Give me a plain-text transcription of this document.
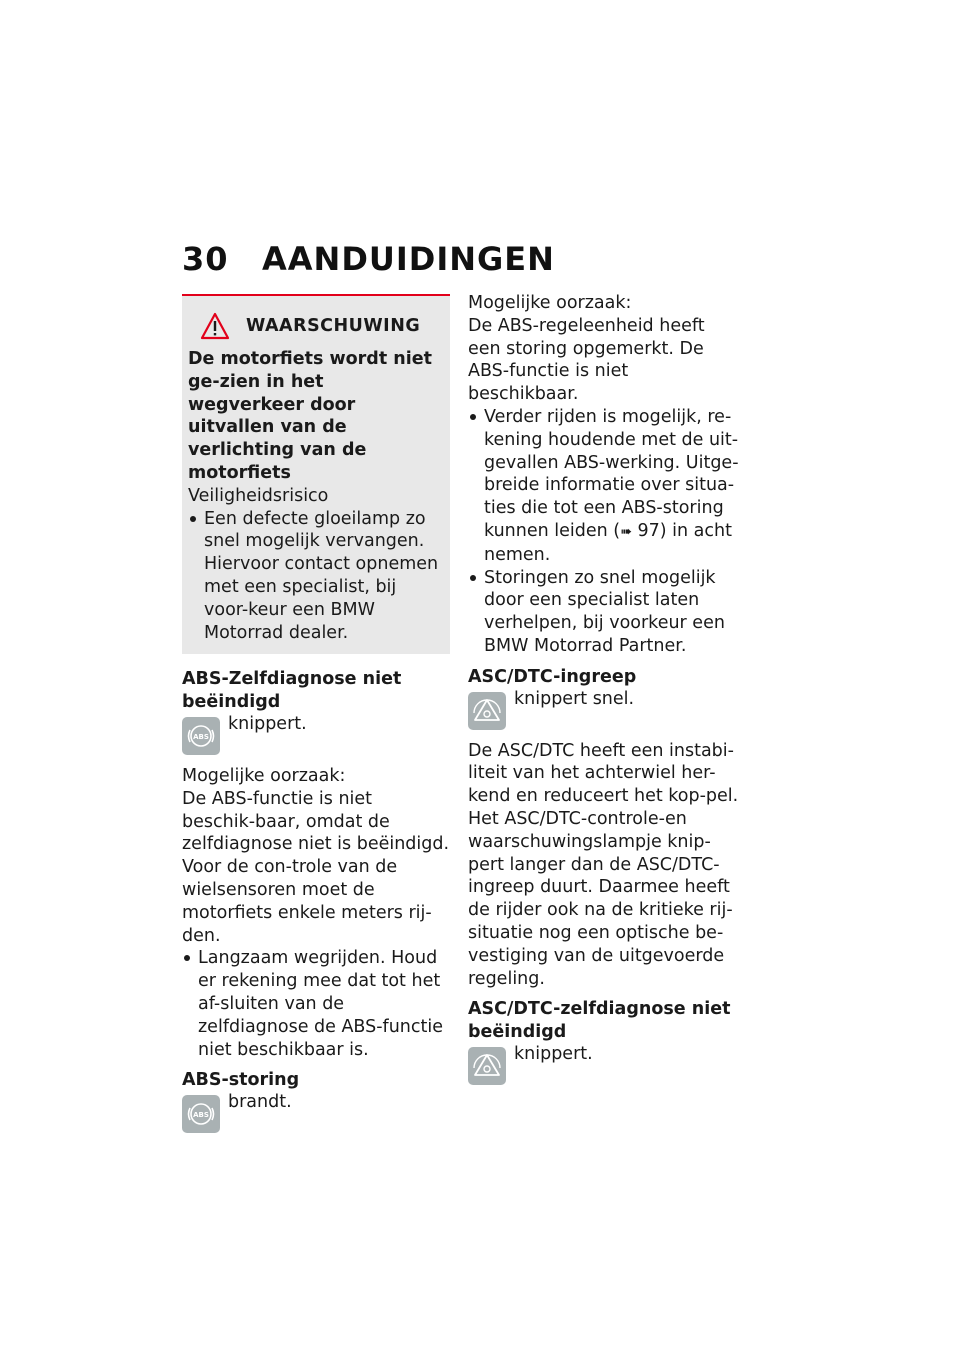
30 AANDUIDINGEN
WAARSCHUWING

De motorfiets wordt niet ge-zien in het wegverkeer door uitvallen van de verlichting van de motorfiets

Veiligheidsrisico

Een defecte gloeilamp zo snel mogelijk vervangen. Hiervoor contact opnemen met een specialist, bij voor-keur een BMW Motorrad dealer.

ABS-Zelfdiagnose niet beëindigd

ABS
knippert.

Mogelijke oorzaak:

De ABS-functie is niet beschik-baar, omdat de zelfdiagnose niet is beëindigd. Voor de con-trole van de wielsensoren moet de motorfiets enkele meters rij-den.

Langzaam wegrijden. Houd er rekening mee dat tot het af-sluiten van de zelfdiagnose de ABS-functie niet beschikbaar is.

ABS-storing

ABS
brandt.

Mogelijke oorzaak:

De ABS-regeleenheid heeft een storing opgemerkt. De ABS-functie is niet beschikbaar.

Verder rijden is mogelijk, re-kening houdende met de uit-gevallen ABS-werking. Uitge-breide informatie over situa-ties die tot een ABS-storing kunnen leiden (➠ 97) in acht nemen.
Storingen zo snel mogelijk door een specialist laten verhelpen, bij voorkeur een BMW Motorrad Partner.

ASC/DTC-ingreep

knippert snel.

De ASC/DTC heeft een instabi-liteit van het achterwiel her-kend en reduceert het kop-pel. Het ASC/DTC-controle-en waarschuwingslampje knip-pert langer dan de ASC/DTC-ingreep duurt. Daarmee heeft de rijder ook na de kritieke rij-situatie nog een optische be-vestiging van de uitgevoerde regeling.

ASC/DTC-zelfdiagnose niet beëindigd

knippert.
